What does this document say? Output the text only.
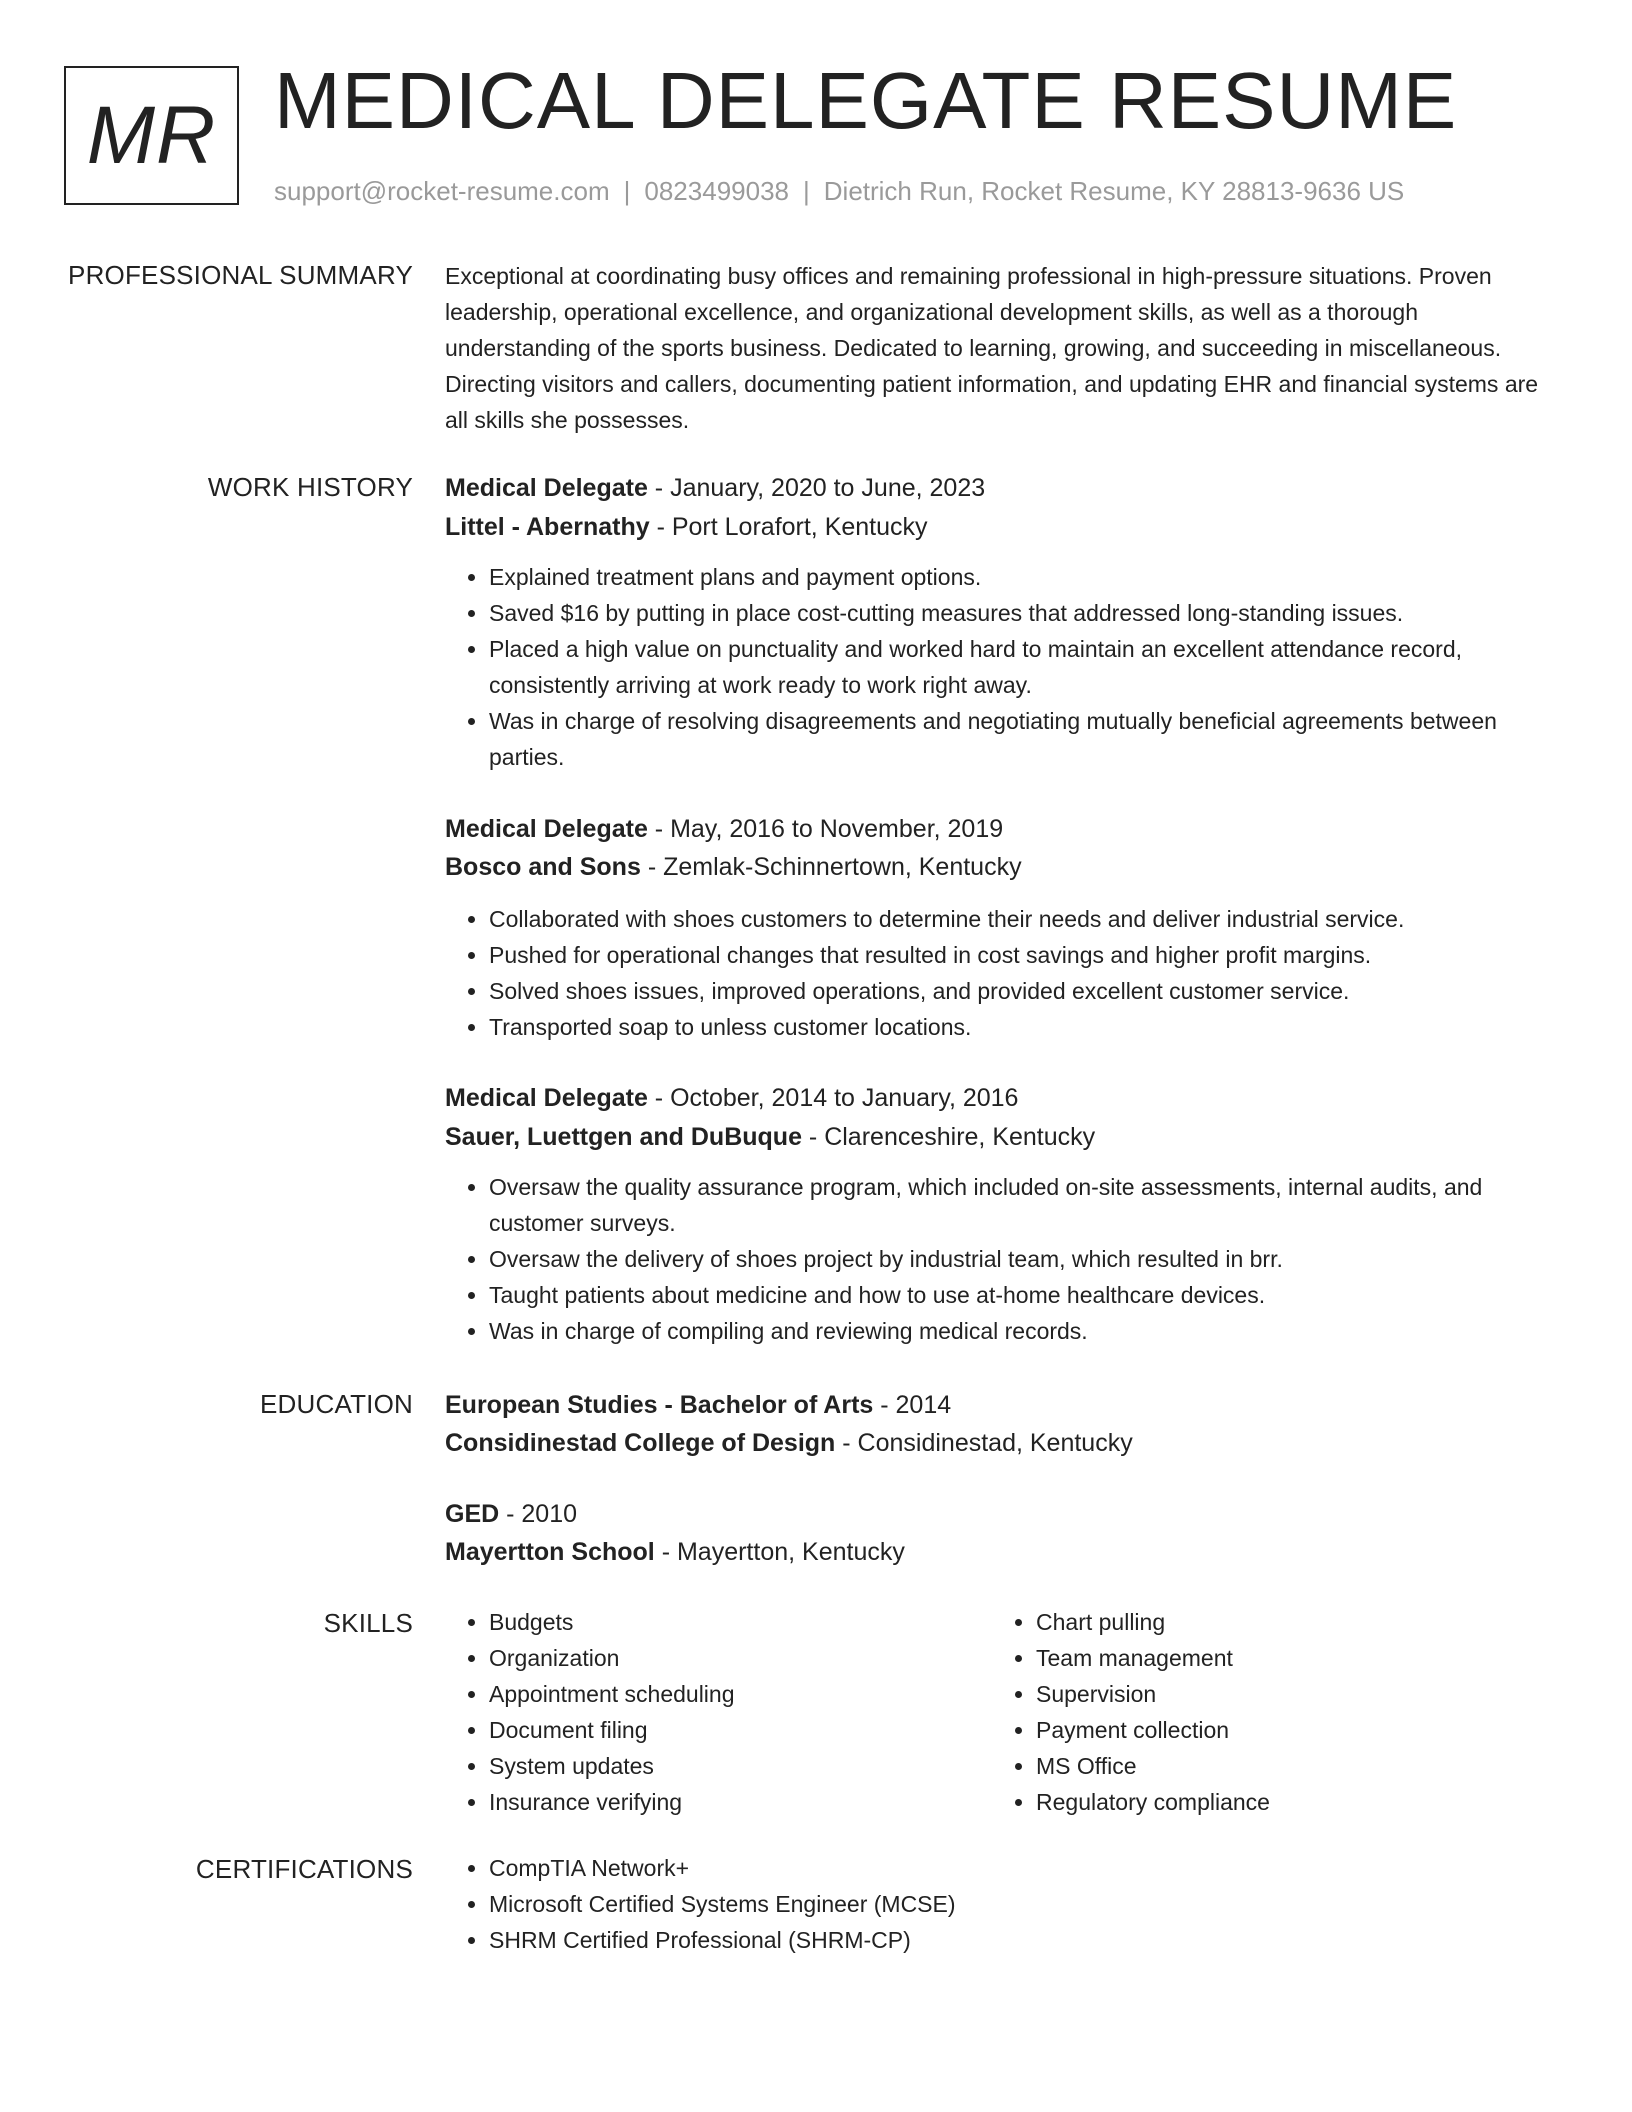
MR MEDICAL DELEGATE RESUME
support@rocket-resume.com | 0823499038 | Dietrich Run, Rocket Resume, KY 28813-9636 US
PROFESSIONAL SUMMARY Exceptional at coordinating busy offices and remaining professional in high-pressure situations. Proven leadership, operational excellence, and organizational development skills, as well as a thorough understanding of the sports business. Dedicated to learning, growing, and succeeding in miscellaneous. Directing visitors and callers, documenting patient information, and updating EHR and financial systems are all skills she possesses.

WORK HISTORY Medical Delegate - January, 2020 to June, 2023
Littel - Abernathy - Port Lorafort, Kentucky
• Explained treatment plans and payment options.
• Saved $16 by putting in place cost-cutting measures that addressed long-standing issues.
• Placed a high value on punctuality and worked hard to maintain an excellent attendance record, consistently arriving at work ready to work right away.
• Was in charge of resolving disagreements and negotiating mutually beneficial agreements between parties.
Medical Delegate - May, 2016 to November, 2019
Bosco and Sons - Zemlak-Schinnertown, Kentucky
• Collaborated with shoes customers to determine their needs and deliver industrial service.
• Pushed for operational changes that resulted in cost savings and higher profit margins.
• Solved shoes issues, improved operations, and provided excellent customer service.
• Transported soap to unless customer locations.
Medical Delegate - October, 2014 to January, 2016
Sauer, Luettgen and DuBuque - Clarenceshire, Kentucky
• Oversaw the quality assurance program, which included on-site assessments, internal audits, and customer surveys.
• Oversaw the delivery of shoes project by industrial team, which resulted in brr.
• Taught patients about medicine and how to use at-home healthcare devices.
• Was in charge of compiling and reviewing medical records.
EDUCATION European Studies - Bachelor of Arts - 2014
Considinestad College of Design - Considinestad, Kentucky
GED - 2010
Mayertton School - Mayertton, Kentucky
SKILLS	• Budgets
• Organization
• Appointment scheduling
• Document filing
• System updates
• Insurance verifying
• Chart pulling
• Team management
• Supervision
• Payment collection
• MS Office
• Regulatory compliance
CERTIFICATIONS	• CompTIA Network+
• Microsoft Certified Systems Engineer (MCSE)
• SHRM Certified Professional (SHRM-CP)
